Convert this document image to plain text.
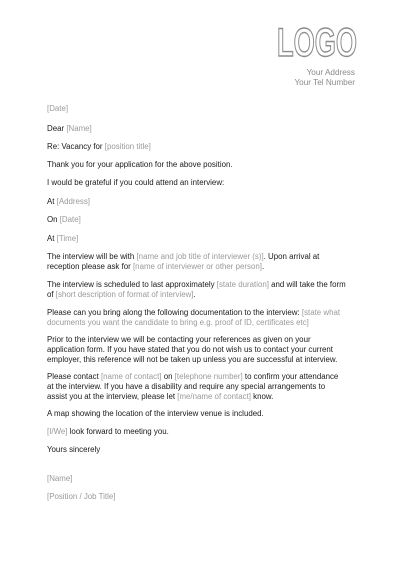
LOGO
Your Address
Your Tel Number
[Date]
Dear [Name]
Re: Vacancy for [position title]
Thank you for your application for the above position.
I would be grateful if you could attend an interview:
At [Address]
On [Date]
At [Time]
The interview will be with [name and job title of interviewer (s)]. Upon arrival at
reception please ask for [name of interviewer or other person].
The interview is scheduled to last approximately [state duration] and will take the form
of [short description of format of interview].
Please can you bring along the following documentation to the interview: [state what
documents you want the candidate to bring e.g. proof of ID, certificates etc]
Prior to the interview we will be contacting your references as given on your
application form. If you have stated that you do not wish us to contact your current
employer, this reference will not be taken up unless you are successful at interview.
Please contact [name of contact] on [telephone number] to confirm your attendance
at the interview. If you have a disability and require any special arrangements to
assist you at the interview, please let [me/name of contact] know.
A map showing the location of the interview venue is included.
[I/We] look forward to meeting you.
Yours sincerely
[Name]
[Position / Job Title]
